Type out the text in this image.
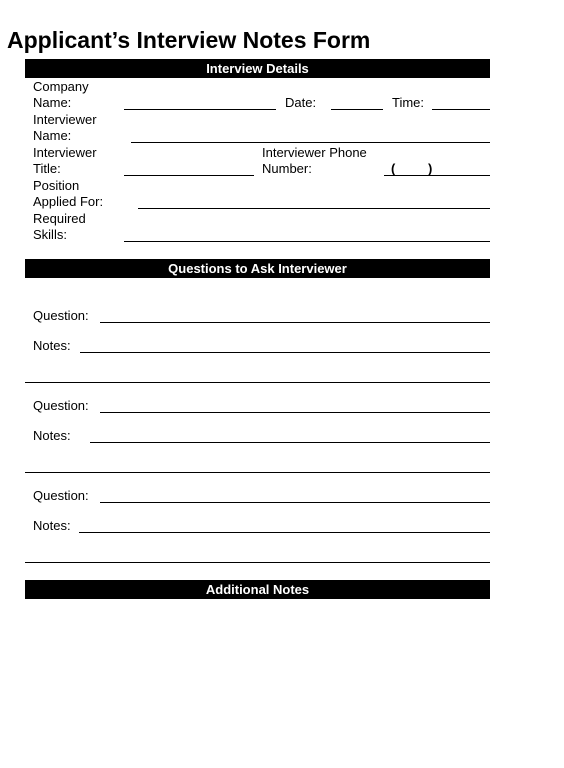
Applicant’s Interview Notes Form
Interview Details
Company
Name:	Date:	Time:
Interviewer
Name:
Interviewer
Title:
Interviewer Phone
Number:	(	)
Position
Applied For:
Required
Skills:
Questions to Ask Interviewer
Question:
Notes:
Question:
Notes:
Question:
Notes:
Additional Notes
